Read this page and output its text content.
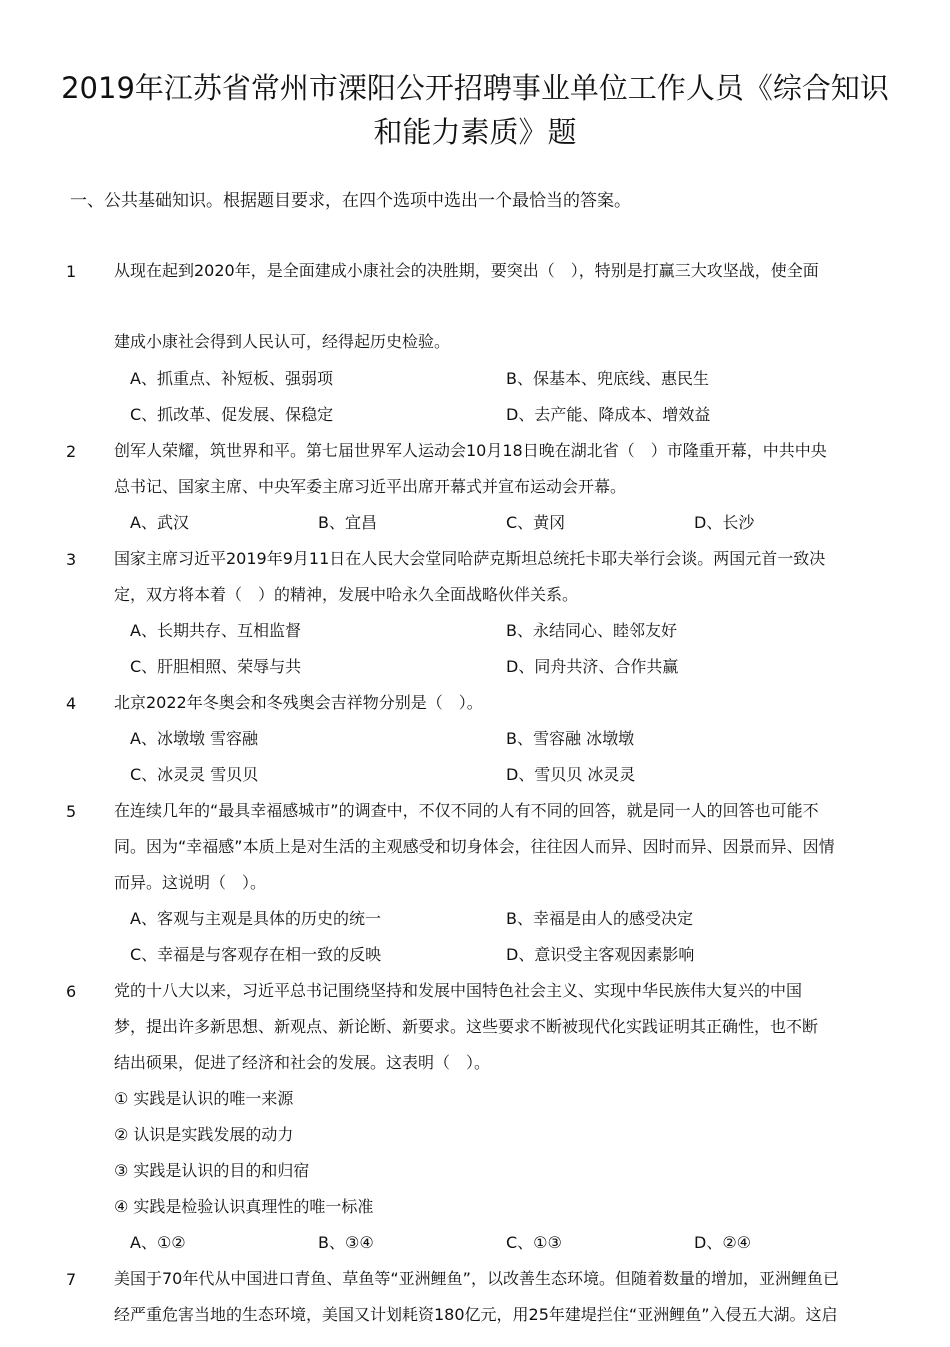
2019年江苏省常州市溧阳公开招聘事业单位工作人员《综合知识
和能力素质》题
一、公共基础知识。根据题目要求，在四个选项中选出一个最恰当的答案。
1	从现在起到2020年，是全面建成小康社会的决胜期，要突出（　），特别是打赢三大攻坚战，使全面
建成小康社会得到人民认可，经得起历史检验。
A、抓重点、补短板、强弱项	B、保基本、兜底线、惠民生
C、抓改革、促发展、保稳定	D、去产能、降成本、增效益
2	创军人荣耀，筑世界和平。第七届世界军人运动会10月18日晚在湖北省（　）市隆重开幕，中共中央
总书记、国家主席、中央军委主席习近平出席开幕式并宣布运动会开幕。
A、武汉	B、宜昌	C、黄冈	D、长沙
3	国家主席习近平2019年9月11日在人民大会堂同哈萨克斯坦总统托卡耶夫举行会谈。两国元首一致决
定，双方将本着（　）的精神，发展中哈永久全面战略伙伴关系。
A、长期共存、互相监督	B、永结同心、睦邻友好
C、肝胆相照、荣辱与共	D、同舟共济、合作共赢
4	北京2022年冬奥会和冬残奥会吉祥物分别是（　）。
A、冰墩墩 雪容融	B、雪容融 冰墩墩
C、冰灵灵 雪贝贝	D、雪贝贝 冰灵灵
5	在连续几年的“最具幸福感城市”的调查中，不仅不同的人有不同的回答，就是同一人的回答也可能不
同。因为“幸福感”本质上是对生活的主观感受和切身体会，往往因人而异、因时而异、因景而异、因情
而异。这说明（　）。
A、客观与主观是具体的历史的统一	B、幸福是由人的感受决定
C、幸福是与客观存在相一致的反映	D、意识受主客观因素影响
6	党的十八大以来，习近平总书记围绕坚持和发展中国特色社会主义、实现中华民族伟大复兴的中国
梦，提出许多新思想、新观点、新论断、新要求。这些要求不断被现代化实践证明其正确性，也不断
结出硕果，促进了经济和社会的发展。这表明（　）。
① 实践是认识的唯一来源
② 认识是实践发展的动力
③ 实践是认识的目的和归宿
④ 实践是检验认识真理性的唯一标准
A、①②	B、③④	C、①③	D、②④
7	美国于70年代从中国进口青鱼、草鱼等“亚洲鲤鱼”，以改善生态环境。但随着数量的增加，亚洲鲤鱼已
经严重危害当地的生态环境，美国又计划耗资180亿元，用25年建堤拦住“亚洲鲤鱼”入侵五大湖。这启
